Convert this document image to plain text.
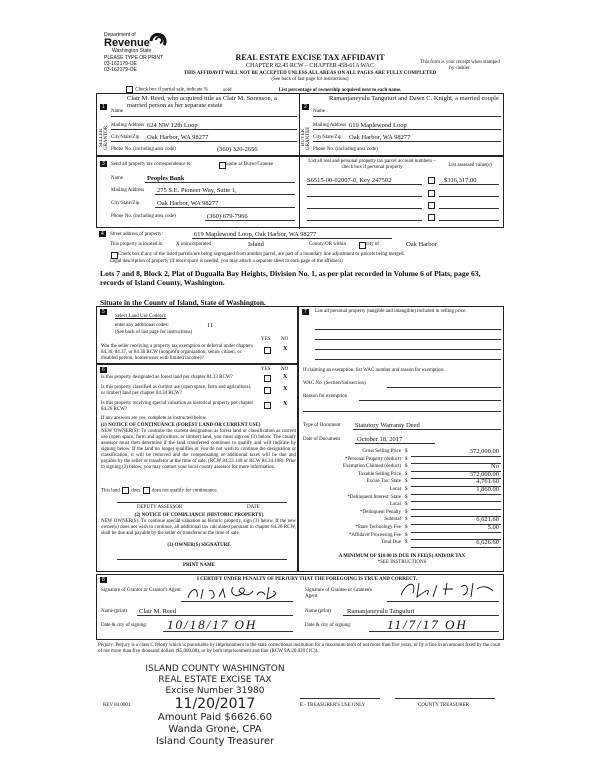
Department of
Revenue
Washington State
PLEASE TYPE OR PRINT
03-162179-OE
03-162179-OE
REAL ESTATE EXCISE TAX AFFIDAVIT
CHAPTER 82.45 RCW – CHAPTER 458-61A WAC
THIS AFFIDAVIT WILL NOT BE ACCEPTED UNLESS ALL AREAS ON ALL PAGES ARE FULLY COMPLETED
(See back of last page for instructions)
This form is your receipt when stamped by cashier.
Check box if partial sale, indicate %	sold	List percentage of ownership acquired next to each name.
1
SELLER GRANTOR
Name
Clair M. Reed, who acquired title as Clair M. Sorenson, a married person as her separate estate
Mailing Address 624 NW 12th Loop
City/State/Zip Oak Harbor, WA 98277
Phone No. (including area code)	(360) 320-2656
2
BUYER GRANTEE
Name
Ramanjaneyulu Tanguturi and Dawn C. Knight, a married couple
Mailing Address 619 Maplewood Loop
City/State/Zip Oak Harbor, WA 98277
Phone No. (including area code)
3	Send all property tax correspondence to:	Same as Buyer/Grantee
Name	Peoples Bank
Mailing Address 275 S.E. Pioneer Way, Suite 1,
City/State/Zip	Oak Harbor, WA 98277
Phone No. (including area code)	(360) 679-7966
List all real and personal property tax parcel account numbers – check box if personal property	List assessed value(s)
S6515-00-02007-0, Key 247502	$316,317.00
4	Street address of property:	619 Maplewood Loop, Oak Harbor, WA 98277
This property is located in	X unincorporated	Island	County OR within	city of	Oak Harbor
Check box if any of the listed parcels are being segregated from another parcel, are part of a boundary line adjustment or parcels being merged.
Legal description of property (if more space is needed, you may attach a separate sheet to each page of the affidavit)
Lots 7 and 8, Block 2, Plat of Dugualla Bay Heights, Division No. 1, as per plat recorded in Volume 6 of Plats, page 63, records of Island County, Washington.
Situate in the County of Island, State of Washington.
5
Select Land Use Code(s):
enter any additional codes:	11
(See back of last page for instructions)
YES NO
Was the seller receiving a property tax exemption or deferral under chapters 84.36, 84.37, or 84.38 RCW (nonprofit organization, senior citizen, or disabled person, homeowner with limited income)?
X
6	YES NO
Is this property designated as forest land per chapter 84.33 RCW?	X
Is this property classified as current use (open space, farm and agricultural, or timber) land per chapter 84.34 RCW?
X
Is this property receiving special valuation as historical property per chapter 84.26 RCW?
X
If any answers are yes, complete as instructed below.
(1) NOTICE OF CONTINUANCE (FOREST LAND OR CURRENT USE)
NEW OWNER(S): To continue the current designation as forest land or classification as current use (open space, farm and agriculture, or timber) land, you must sign on (3) below. The county assessor must then determine if the land transferred continues to qualify and will indicate by signing below. If the land no longer qualifies or you do not wish to continue the designation or classification, it will be removed and the compensating or additional taxes will be due and payable by the seller or transferor at the time of sale. (RCW 84.33.140 or RCW 84.34.108). Prior to signing (3) below, you may contact your local county assessor for more information.
This land does does not qualify for continuance.
DEPUTY ASSESSOR	DATE
(2) NOTICE OF COMPLIANCE (HISTORIC PROPERTY)
NEW OWNER(S): To continue special valuation as historic property, sign (3) below. If the new owner(s) does not wish to continue, all additional tax calculated pursuant to chapter 84.26 RCW, shall be due and payable by the seller or transferor at the time of sale.
(3) OWNER(S) SIGNATURE
PRINT NAME
7	List all personal property (tangible and intangible) included in selling price.
If claiming an exemption, list WAC number and reason for exemption:
WAC No. (Section/Subsection)
Reason for exemption
Type of Document Statutory Warranty Deed
Date of Document	October 18, 2017
Gross Selling Price $	372,000.00
*Personal Property (deduct) $
Exemption Claimed (deduct) $	No
Taxable Selling Price $	372,000.00
Excise Tax: State $	4,761.60
Local $	1,860.00
*Delinquent Interest: State $
Local $
*Delinquent Penalty $
Subtotal $	6,621.60
*State Technology Fee $	5.00
*Affidavit Processing Fee $
Total Due $	6,626.60
A MINIMUM OF $10.00 IS DUE IN FEE(S) AND/OR TAX
*SEE INSTRUCTIONS
8	I CERTIFY UNDER PENALTY OF PERJURY THAT THE FOREGOING IS TRUE AND CORRECT.
Signature of Grantor or Grantor's Agent	Signature of Grantee or Grantee's Agent
Name (print) Clair M. Reed	Name (print) Ramanjaneyulu Tanguturi
Date & city of signing: 10/18/17 OH	Date & city of signing:	11/7/17 OH
Perjury: Perjury is a class C felony which is punishable by imprisonment in the state correctional institution for a maximum term of not more than five years, or by a fine in an amount fixed by the court of not more than five thousand dollars ($5,000.00), or by both imprisonment and fine (RCW 9A.20.020 (1C)).
ISLAND COUNTY WASHINGTON
REAL ESTATE EXCISE TAX
Excise Number 31980
11/20/2017
Amount Paid $6626.60
Wanda Grone, CPA
Island County Treasurer
REV 84 0001	E - TREASURER'S USE ONLY	COUNTY TREASURER
